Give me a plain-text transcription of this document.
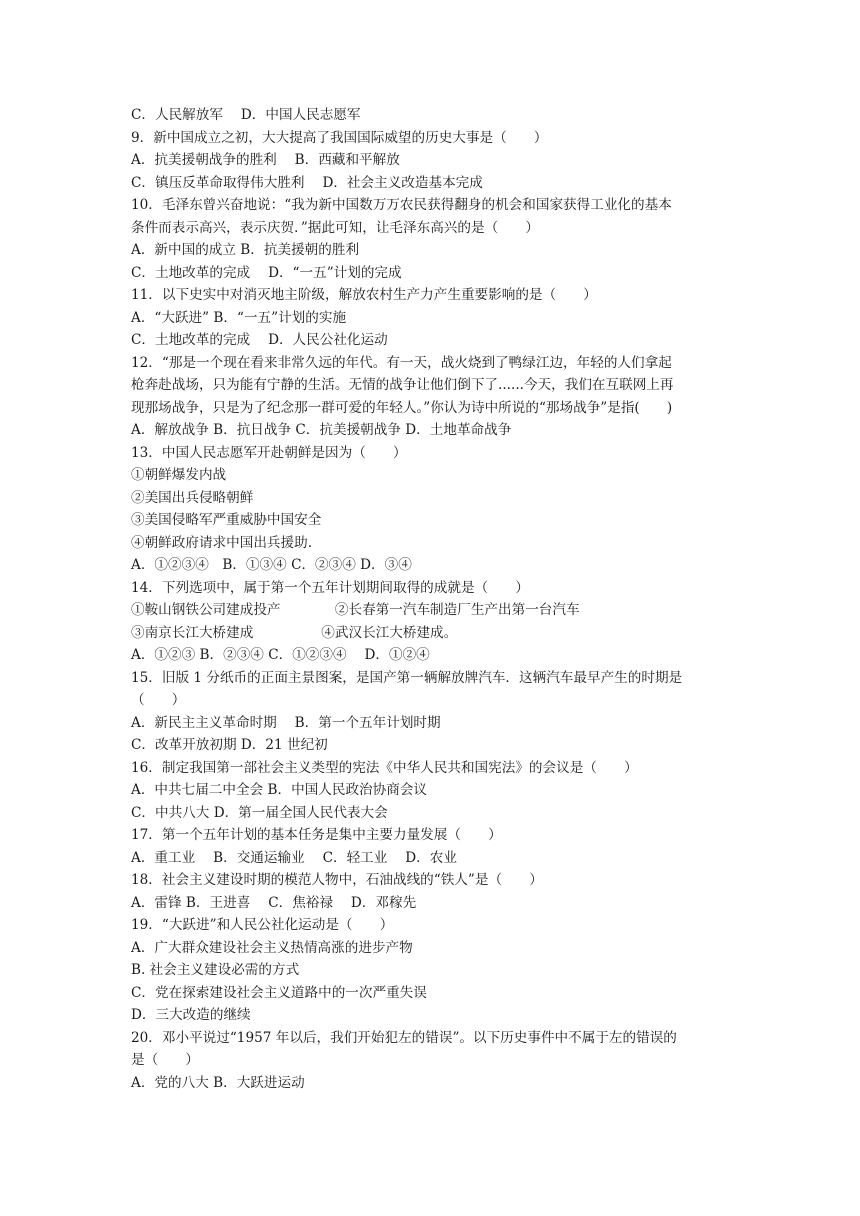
C．人民解放军　 D．中国人民志愿军
9．新中国成立之初，大大提高了我国国际威望的历史大事是（　　）
A．抗美援朝战争的胜利　 B．西藏和平解放
C．镇压反革命取得伟大胜利　 D．社会主义改造基本完成
10．毛泽东曾兴奋地说：“我为新中国数万万农民获得翻身的机会和国家获得工业化的基本
条件而表示高兴，表示庆贺．”据此可知，让毛泽东高兴的是（　　）
A．新中国的成立 B．抗美援朝的胜利
C．土地改革的完成　 D．“一五”计划的完成
11．以下史实中对消灭地主阶级，解放农村生产力产生重要影响的是（　　）
A．“大跃进” B．“一五”计划的实施
C．土地改革的完成　 D．人民公社化运动
12．“那是一个现在看来非常久远的年代。有一天，战火烧到了鸭绿江边，年轻的人们拿起
枪奔赴战场，只为能有宁静的生活。无情的战争让他们倒下了......今天，我们在互联网上再
现那场战争，只是为了纪念那一群可爱的年轻人。”你认为诗中所说的“那场战争”是指(　　)
A．解放战争 B．抗日战争 C．抗美援朝战争 D．土地革命战争
13．中国人民志愿军开赴朝鲜是因为（　　）
①朝鲜爆发内战
②美国出兵侵略朝鲜
③美国侵略军严重威胁中国安全
④朝鲜政府请求中国出兵援助.
A．①②③④　B．①③④ C．②③④ D．③④
14．下列选项中，属于第一个五年计划期间取得的成就是（　　）
①鞍山钢铁公司建成投产　　　　②长春第一汽车制造厂生产出第一台汽车
③南京长江大桥建成　　　　　④武汉长江大桥建成。
A．①②③ B．②③④ C．①②③④　 D．①②④
15．旧版 1 分纸币的正面主景图案，是国产第一辆解放牌汽车．这辆汽车最早产生的时期是
（　　）
A．新民主主义革命时期　 B．第一个五年计划时期
C．改革开放初期 D．21 世纪初
16．制定我国第一部社会主义类型的宪法《中华人民共和国宪法》的会议是（　　）
A．中共七届二中全会 B．中国人民政治协商会议
C．中共八大 D．第一届全国人民代表大会
17．第一个五年计划的基本任务是集中主要力量发展（　　）
A．重工业　 B．交通运输业　 C．轻工业　 D．农业
18．社会主义建设时期的模范人物中，石油战线的“铁人”是（　　）
A．雷锋 B．王进喜　 C．焦裕禄　 D．邓稼先
19．“大跃进”和人民公社化运动是（　　）
A．广大群众建设社会主义热情高涨的进步产物
B. 社会主义建设必需的方式
C．党在探索建设社会主义道路中的一次严重失误
D．三大改造的继续
20．邓小平说过“1957 年以后，我们开始犯左的错误”。以下历史事件中不属于左的错误的
是（　　）
A．党的八大 B．大跃进运动
